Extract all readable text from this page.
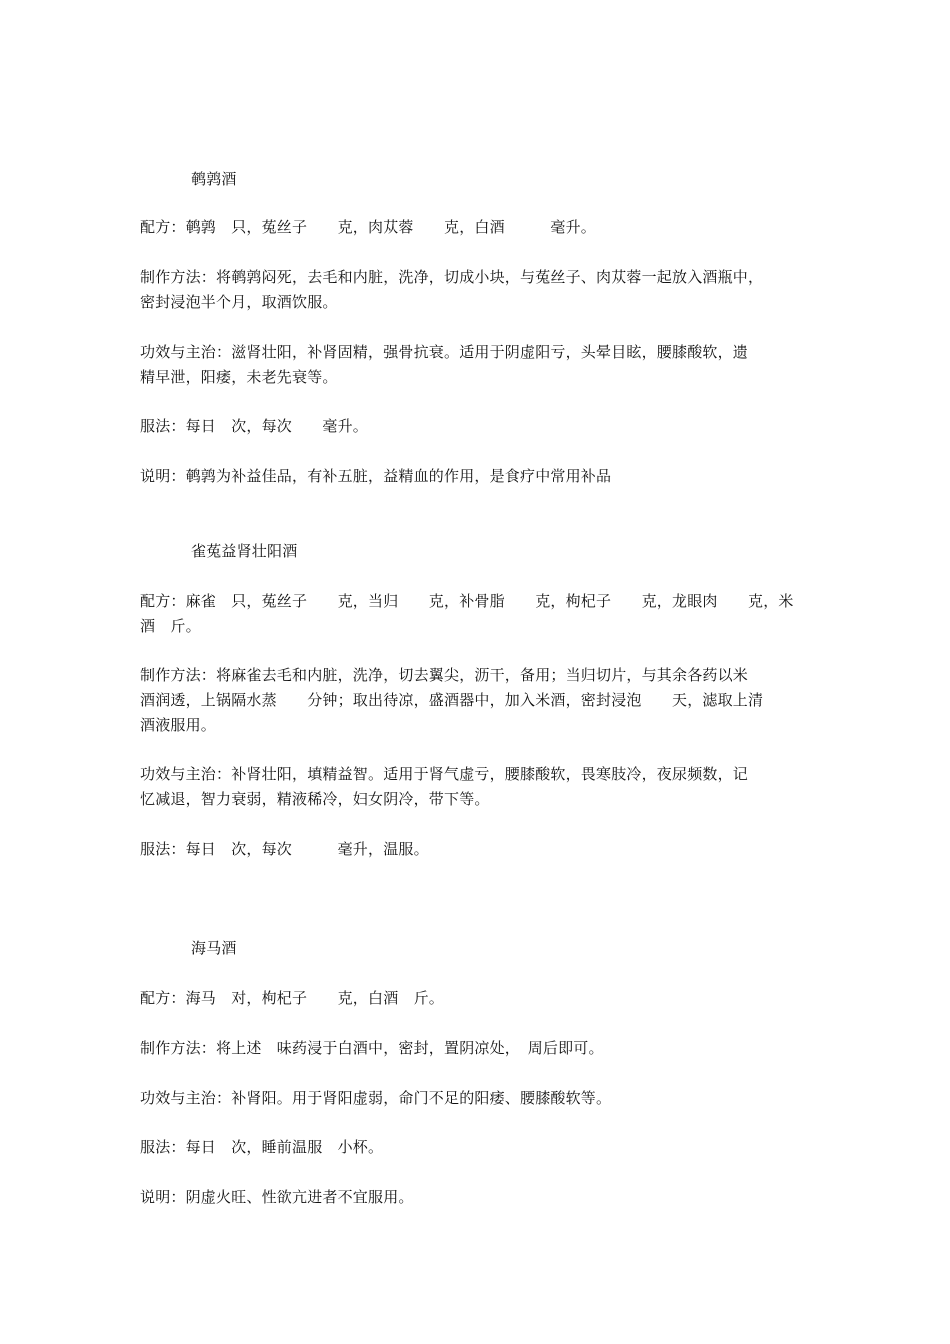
鹌鹑酒
配方：鹌鹑　只，菟丝子　　克，肉苁蓉　　克，白酒　　　毫升。
制作方法：将鹌鹑闷死，去毛和内脏，洗净，切成小块，与菟丝子、肉苁蓉一起放入酒瓶中，
密封浸泡半个月，取酒饮服。
功效与主治：滋肾壮阳，补肾固精，强骨抗衰。适用于阴虚阳亏，头晕目眩，腰膝酸软，遗
精早泄，阳痿，未老先衰等。
服法：每日　次，每次　　毫升。
说明：鹌鹑为补益佳品，有补五脏，益精血的作用，是食疗中常用补品
雀菟益肾壮阳酒
配方：麻雀　只，菟丝子　　克，当归　　克，补骨脂　　克，枸杞子　　克，龙眼肉　　克，米
酒　斤。
制作方法：将麻雀去毛和内脏，洗净，切去翼尖，沥干，备用；当归切片，与其余各药以米
酒润透，上锅隔水蒸　　分钟；取出待凉，盛酒器中，加入米酒，密封浸泡　　天，滤取上清
酒液服用。
功效与主治：补肾壮阳，填精益智。适用于肾气虚亏，腰膝酸软，畏寒肢冷，夜尿频数，记
忆减退，智力衰弱，精液稀冷，妇女阴冷，带下等。
服法：每日　次，每次　　　毫升，温服。
海马酒
配方：海马　对，枸杞子　　克，白酒　斤。
制作方法：将上述　味药浸于白酒中，密封，置阴凉处，　周后即可。
功效与主治：补肾阳。用于肾阳虚弱，命门不足的阳痿、腰膝酸软等。
服法：每日　次，睡前温服　小杯。
说明：阴虚火旺、性欲亢进者不宜服用。
